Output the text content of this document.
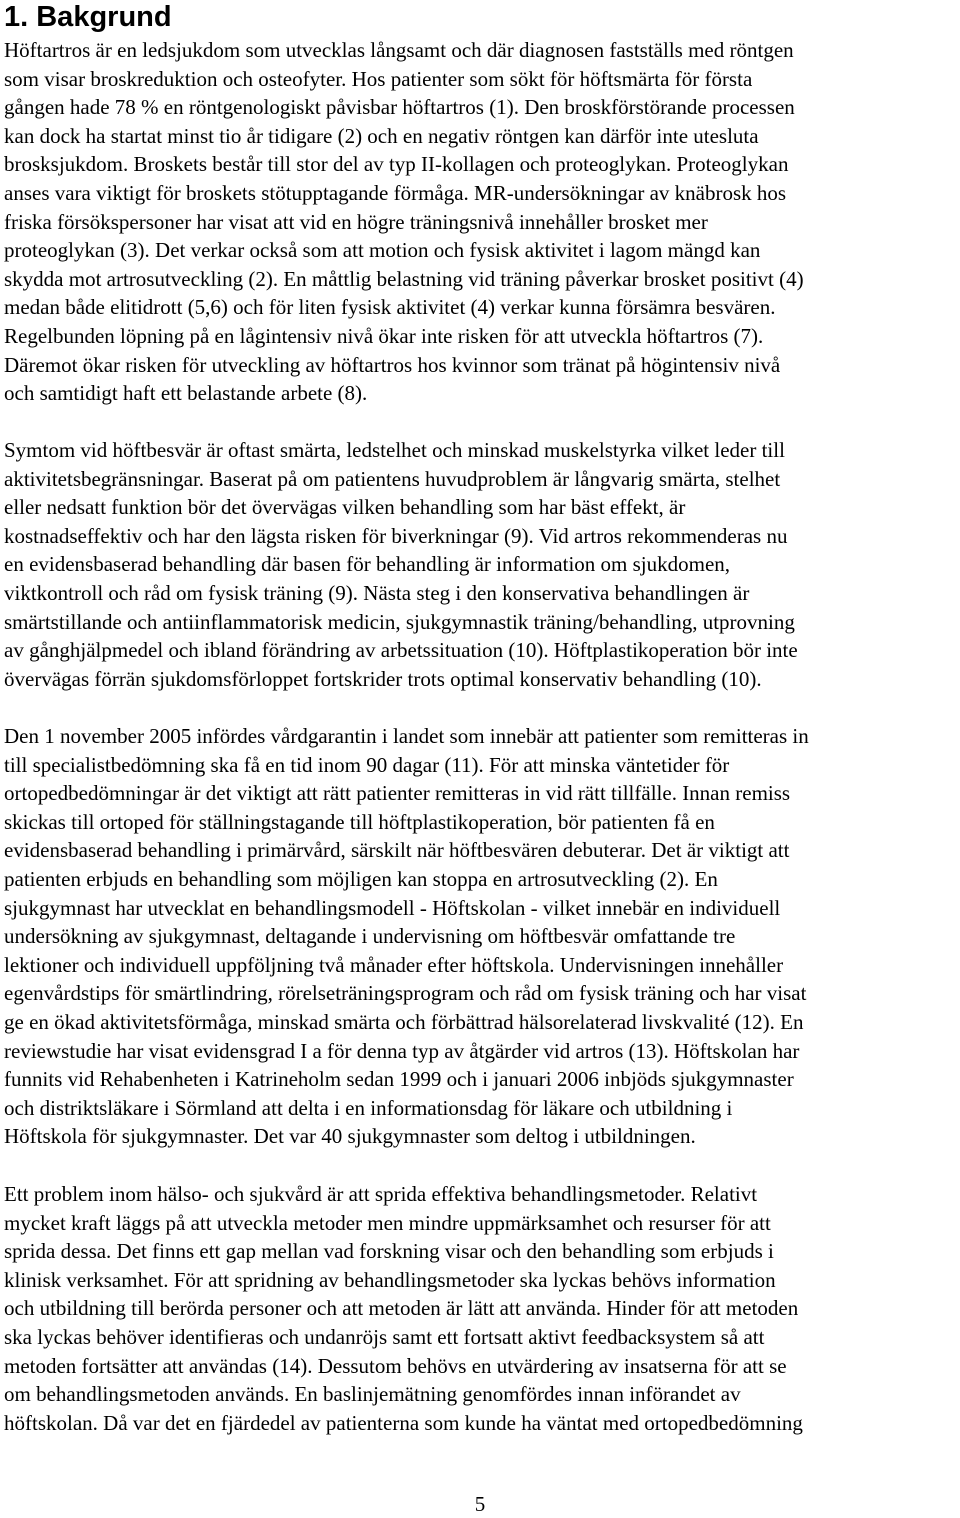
1. Bakgrund

Höftartros är en ledsjukdom som utvecklas långsamt och där diagnosen fastställs med röntgen
som visar broskreduktion och osteofyter. Hos patienter som sökt för höftsmärta för första
gången hade 78 % en röntgenologiskt påvisbar höftartros (1). Den broskförstörande processen
kan dock ha startat minst tio år tidigare (2) och en negativ röntgen kan därför inte utesluta
brosksjukdom. Broskets består till stor del av typ II-kollagen och proteoglykan. Proteoglykan
anses vara viktigt för broskets stötupptagande förmåga. MR-undersökningar av knäbrosk hos
friska försökspersoner har visat att vid en högre träningsnivå innehåller brosket mer
proteoglykan (3). Det verkar också som att motion och fysisk aktivitet i lagom mängd kan
skydda mot artrosutveckling (2). En måttlig belastning vid träning påverkar brosket positivt (4)
medan både elitidrott (5,6) och för liten fysisk aktivitet (4) verkar kunna försämra besvären.
Regelbunden löpning på en lågintensiv nivå ökar inte risken för att utveckla höftartros (7).
Däremot ökar risken för utveckling av höftartros hos kvinnor som tränat på högintensiv nivå
och samtidigt haft ett belastande arbete (8).

Symtom vid höftbesvär är oftast smärta, ledstelhet och minskad muskelstyrka vilket leder till
aktivitetsbegränsningar. Baserat på om patientens huvudproblem är långvarig smärta, stelhet
eller nedsatt funktion bör det övervägas vilken behandling som har bäst effekt, är
kostnadseffektiv och har den lägsta risken för biverkningar (9). Vid artros rekommenderas nu
en evidensbaserad behandling där basen för behandling är information om sjukdomen,
viktkontroll och råd om fysisk träning (9). Nästa steg i den konservativa behandlingen är
smärtstillande och antiinflammatorisk medicin, sjukgymnastik träning/behandling, utprovning
av gånghjälpmedel och ibland förändring av arbetssituation (10). Höftplastikoperation bör inte
övervägas förrän sjukdomsförloppet fortskrider trots optimal konservativ behandling (10).

Den 1 november 2005 infördes vårdgarantin i landet som innebär att patienter som remitteras in
till specialistbedömning ska få en tid inom 90 dagar (11). För att minska väntetider för
ortopedbedömningar är det viktigt att rätt patienter remitteras in vid rätt tillfälle. Innan remiss
skickas till ortoped för ställningstagande till höftplastikoperation, bör patienten få en
evidensbaserad behandling i primärvård, särskilt när höftbesvären debuterar. Det är viktigt att
patienten erbjuds en behandling som möjligen kan stoppa en artrosutveckling (2). En
sjukgymnast har utvecklat en behandlingsmodell - Höftskolan - vilket innebär en individuell
undersökning av sjukgymnast, deltagande i undervisning om höftbesvär omfattande tre
lektioner och individuell uppföljning två månader efter höftskola. Undervisningen innehåller
egenvårdstips för smärtlindring, rörelseträningsprogram och råd om fysisk träning och har visat
ge en ökad aktivitetsförmåga, minskad smärta och förbättrad hälsorelaterad livskvalité (12). En
reviewstudie har visat evidensgrad I a för denna typ av åtgärder vid artros (13). Höftskolan har
funnits vid Rehabenheten i Katrineholm sedan 1999 och i januari 2006 inbjöds sjukgymnaster
och distriktsläkare i Sörmland att delta i en informationsdag för läkare och utbildning i
Höftskola för sjukgymnaster. Det var 40 sjukgymnaster som deltog i utbildningen.

Ett problem inom hälso- och sjukvård är att sprida effektiva behandlingsmetoder. Relativt
mycket kraft läggs på att utveckla metoder men mindre uppmärksamhet och resurser för att
sprida dessa. Det finns ett gap mellan vad forskning visar och den behandling som erbjuds i
klinisk verksamhet. För att spridning av behandlingsmetoder ska lyckas behövs information
och utbildning till berörda personer och att metoden är lätt att använda. Hinder för att metoden
ska lyckas behöver identifieras och undanröjs samt ett fortsatt aktivt feedbacksystem så att
metoden fortsätter att användas (14). Dessutom behövs en utvärdering av insatserna för att se
om behandlingsmetoden används. En baslinjemätning genomfördes innan införandet av
höftskolan. Då var det en fjärdedel av patienterna som kunde ha väntat med ortopedbedömning

5
